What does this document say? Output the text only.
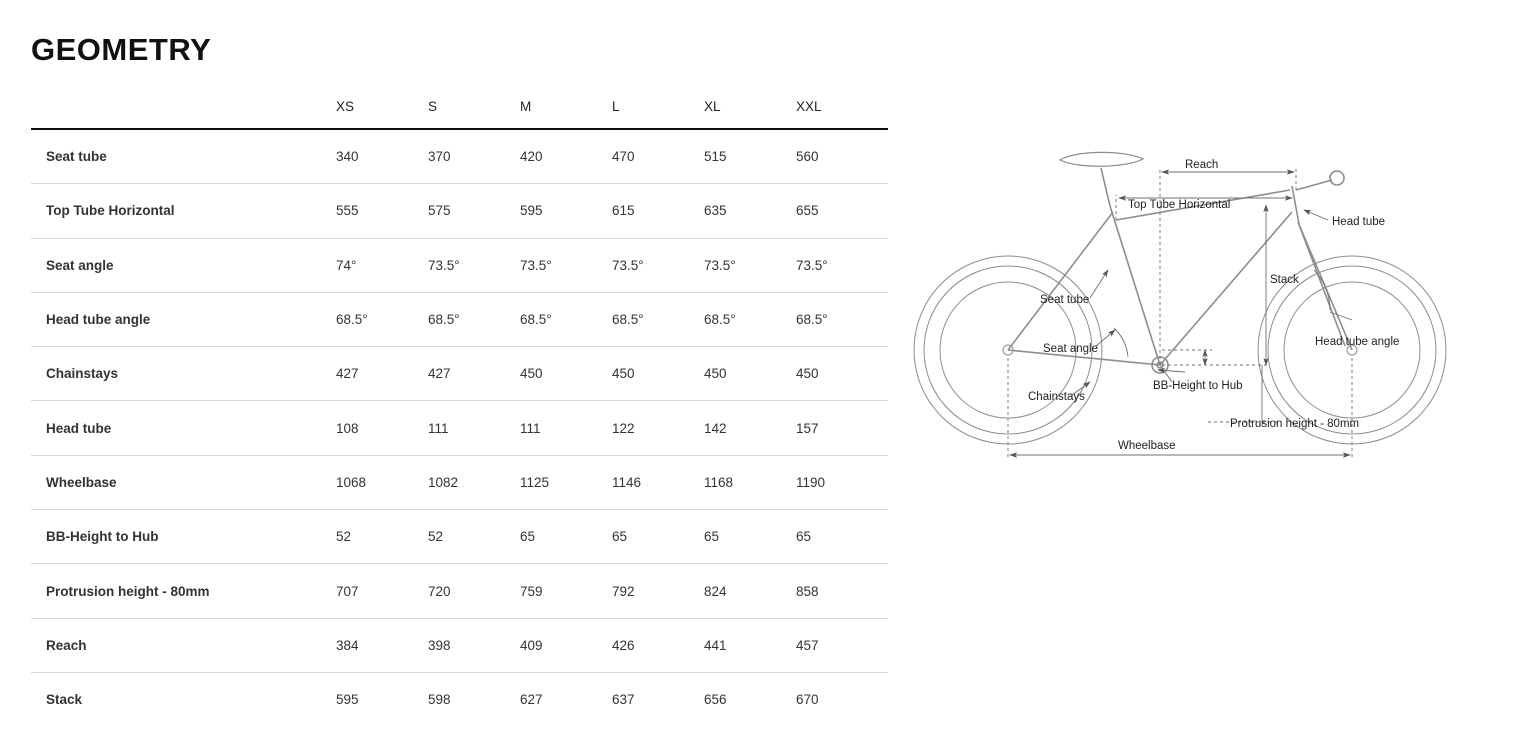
GEOMETRY
	XS	S	M	L	XL	XXL
Seat tube	340	370	420	470	515	560
Top Tube Horizontal	555	575	595	615	635	655
Seat angle	74°	73.5°	73.5°	73.5°	73.5°	73.5°
Head tube angle	68.5°	68.5°	68.5°	68.5°	68.5°	68.5°
Chainstays	427	427	450	450	450	450
Head tube	108	111	111	122	142	157
Wheelbase	1068	1082	1125	1146	1168	1190
BB-Height to Hub	52	52	65	65	65	65
Protrusion height - 80mm	707	720	759	792	824	858
Reach	384	398	409	426	441	457
Stack	595	598	627	637	656	670
Reach
Top Tube Horizontal
Head tube
Stack
Seat tube
Seat angle
Head tube angle
Chainstays
BB-Height to Hub
Protrusion height - 80mm
Wheelbase
